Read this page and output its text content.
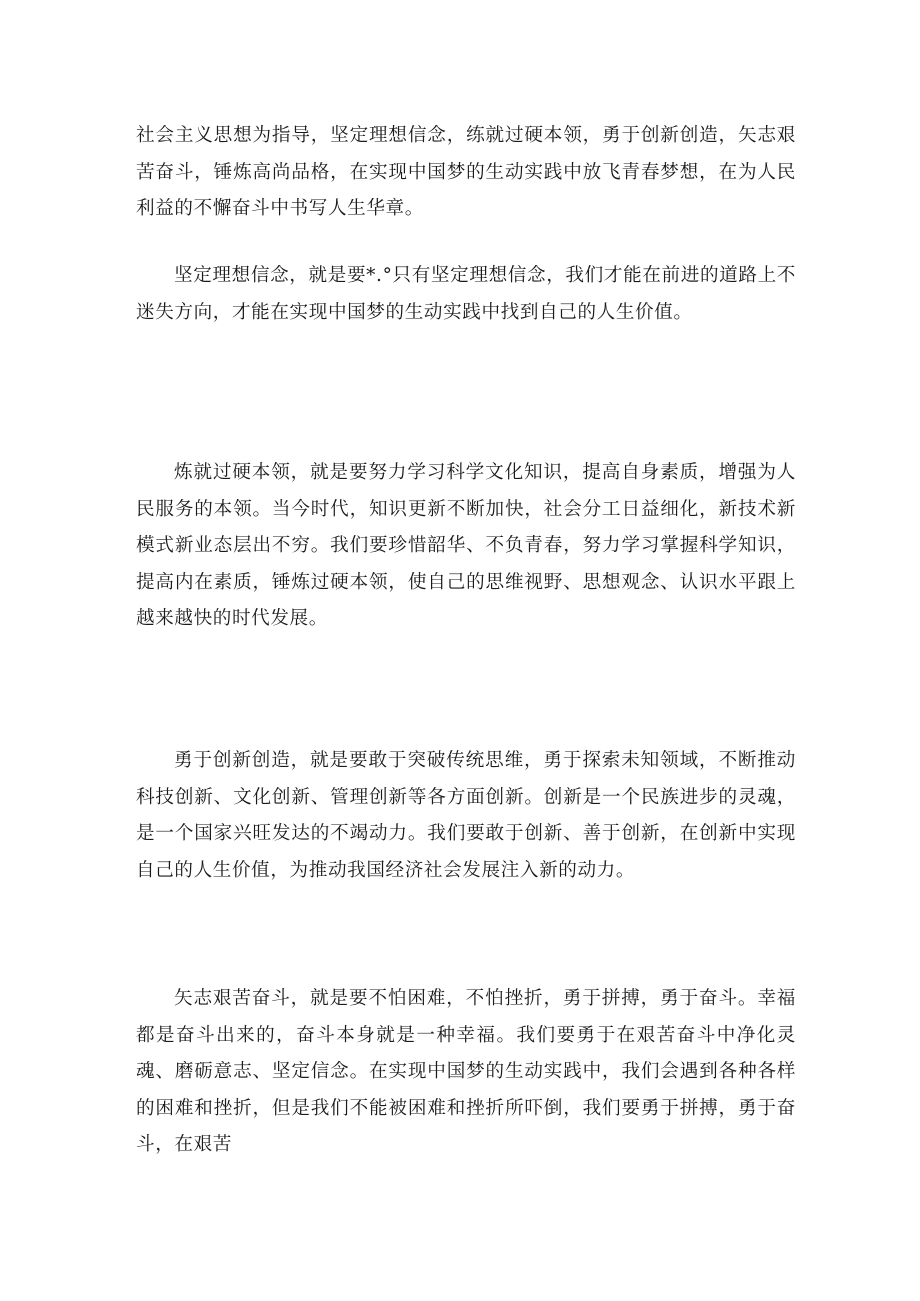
社会主义思想为指导，坚定理想信念，练就过硬本领，勇于创新创造，矢志艰苦奋斗，锤炼高尚品格，在实现中国梦的生动实践中放飞青春梦想，在为人民利益的不懈奋斗中书写人生华章。

坚定理想信念，就是要*.°只有坚定理想信念，我们才能在前进的道路上不迷失方向，才能在实现中国梦的生动实践中找到自己的人生价值。

炼就过硬本领，就是要努力学习科学文化知识，提高自身素质，增强为人民服务的本领。当今时代，知识更新不断加快，社会分工日益细化，新技术新模式新业态层出不穷。我们要珍惜韶华、不负青春，努力学习掌握科学知识，提高内在素质，锤炼过硬本领，使自己的思维视野、思想观念、认识水平跟上越来越快的时代发展。

勇于创新创造，就是要敢于突破传统思维，勇于探索未知领域，不断推动科技创新、文化创新、管理创新等各方面创新。创新是一个民族进步的灵魂，是一个国家兴旺发达的不竭动力。我们要敢于创新、善于创新，在创新中实现自己的人生价值，为推动我国经济社会发展注入新的动力。

矢志艰苦奋斗，就是要不怕困难，不怕挫折，勇于拼搏，勇于奋斗。幸福都是奋斗出来的，奋斗本身就是一种幸福。我们要勇于在艰苦奋斗中净化灵魂、磨砺意志、坚定信念。在实现中国梦的生动实践中，我们会遇到各种各样的困难和挫折，但是我们不能被困难和挫折所吓倒，我们要勇于拼搏，勇于奋斗，在艰苦
